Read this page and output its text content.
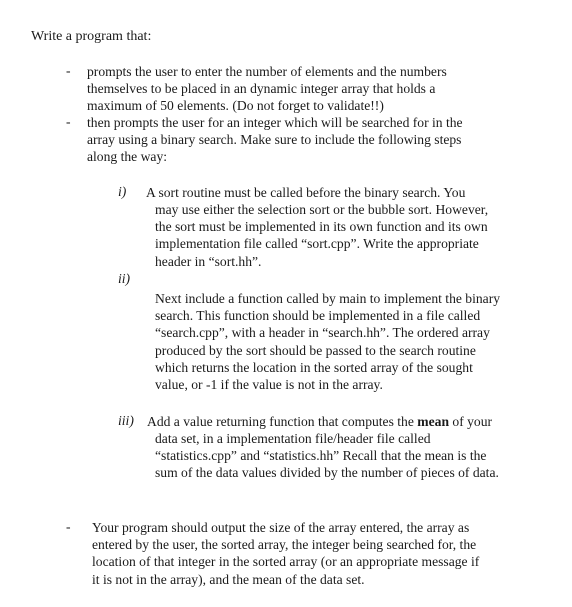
Write a program that:
- prompts the user to enter the number of elements and the numbers
themselves to be placed in an dynamic integer array that holds a
maximum of 50 elements. (Do not forget to validate!!)
- then prompts the user for an integer which will be searched for in the
array using a binary search. Make sure to include the following steps
along the way:
i) A sort routine must be called before the binary search. You
may use either the selection sort or the bubble sort. However,
the sort must be implemented in its own function and its own
implementation file called “sort.cpp”. Write the appropriate
header in “sort.hh”.
ii)
Next include a function called by main to implement the binary
search. This function should be implemented in a file called
“search.cpp”, with a header in “search.hh”. The ordered array
produced by the sort should be passed to the search routine
which returns the location in the sorted array of the sought
value, or -1 if the value is not in the array.
iii) Add a value returning function that computes the mean of your
data set, in a implementation file/header file called
“statistics.cpp” and “statistics.hh” Recall that the mean is the
sum of the data values divided by the number of pieces of data.
- Your program should output the size of the array entered, the array as
entered by the user, the sorted array, the integer being searched for, the
location of that integer in the sorted array (or an appropriate message if
it is not in the array), and the mean of the data set.
